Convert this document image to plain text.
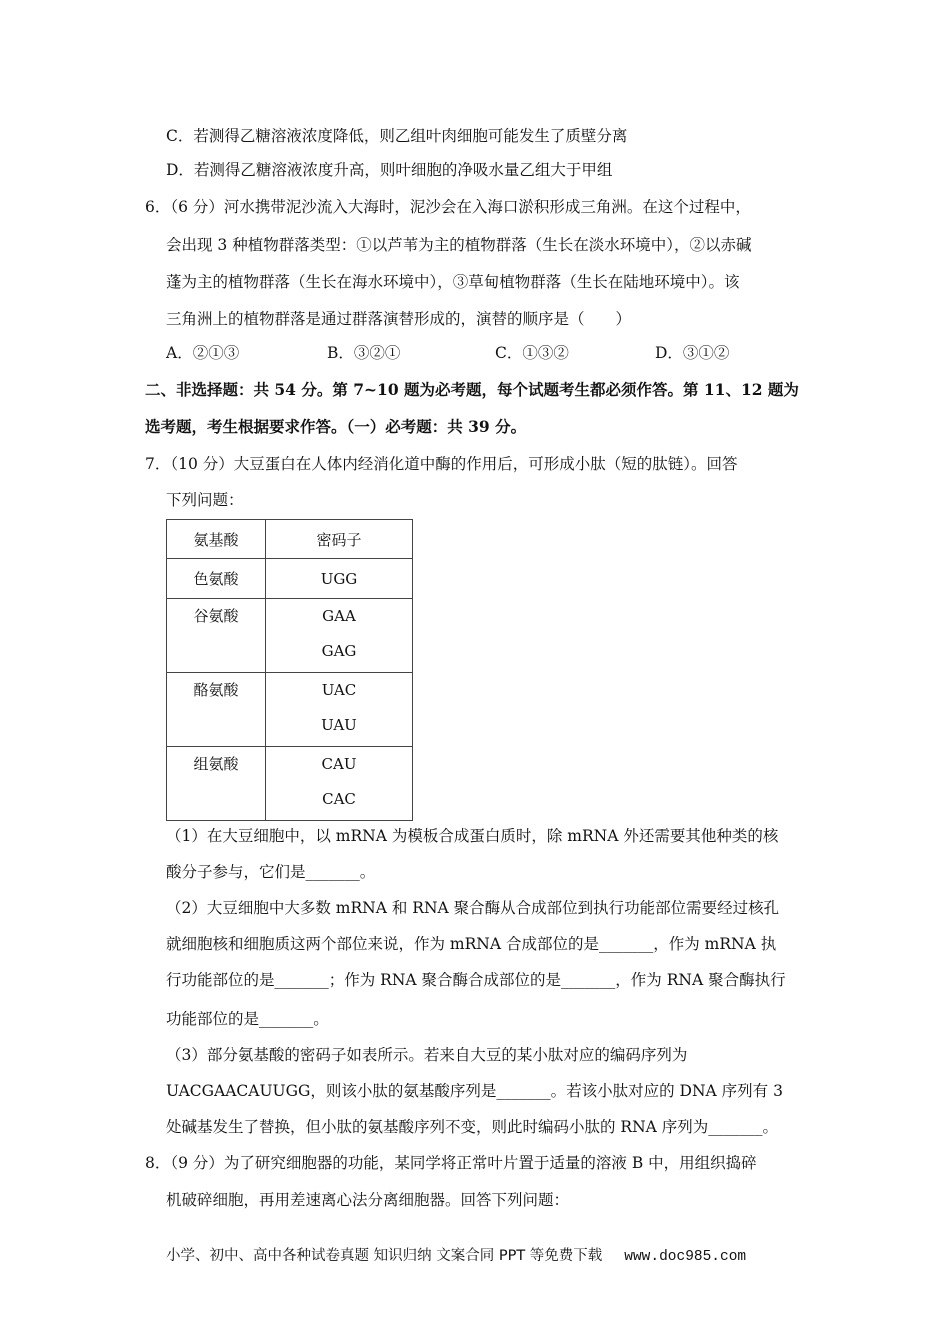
C．若测得乙糖溶液浓度降低，则乙组叶肉细胞可能发生了质壁分离
D．若测得乙糖溶液浓度升高，则叶细胞的净吸水量乙组大于甲组
6．（6 分）河水携带泥沙流入大海时，泥沙会在入海口淤积形成三角洲。在这个过程中，
会出现 3 种植物群落类型：①以芦苇为主的植物群落（生长在淡水环境中），②以赤碱
蓬为主的植物群落（生长在海水环境中），③草甸植物群落（生长在陆地环境中）。该
三角洲上的植物群落是通过群落演替形成的，演替的顺序是（　　）
A．②①③	B．③②①	C．①③②	D．③①②
二、非选择题：共 54 分。第 7~10 题为必考题，每个试题考生都必须作答。第 11、12 题为
选考题，考生根据要求作答。（一）必考题：共 39 分。
7．（10 分）大豆蛋白在人体内经消化道中酶的作用后，可形成小肽（短的肽链）。回答
下列问题：
氨基酸	密码子
色氨酸	UGG

谷氨酸	GAA
GAG

酪氨酸	UAC
UAU

组氨酸	CAU
CAC
（1）在大豆细胞中，以 mRNA 为模板合成蛋白质时，除 mRNA 外还需要其他种类的核
酸分子参与，它们是_______。
（2）大豆细胞中大多数 mRNA 和 RNA 聚合酶从合成部位到执行功能部位需要经过核孔
就细胞核和细胞质这两个部位来说，作为 mRNA 合成部位的是_______，作为 mRNA 执
行功能部位的是_______；作为 RNA 聚合酶合成部位的是_______，作为 RNA 聚合酶执行
功能部位的是_______。
（3）部分氨基酸的密码子如表所示。若来自大豆的某小肽对应的编码序列为
UACGAACAUUGG，则该小肽的氨基酸序列是_______。若该小肽对应的 DNA 序列有 3
处碱基发生了替换，但小肽的氨基酸序列不变，则此时编码小肽的 RNA 序列为_______。
8．（9 分）为了研究细胞器的功能，某同学将正常叶片置于适量的溶液 B 中，用组织捣碎
机破碎细胞，再用差速离心法分离细胞器。回答下列问题：
小学、初中、高中各种试卷真题 知识归纳 文案合同 PPT 等免费下载 www.doc985.com
